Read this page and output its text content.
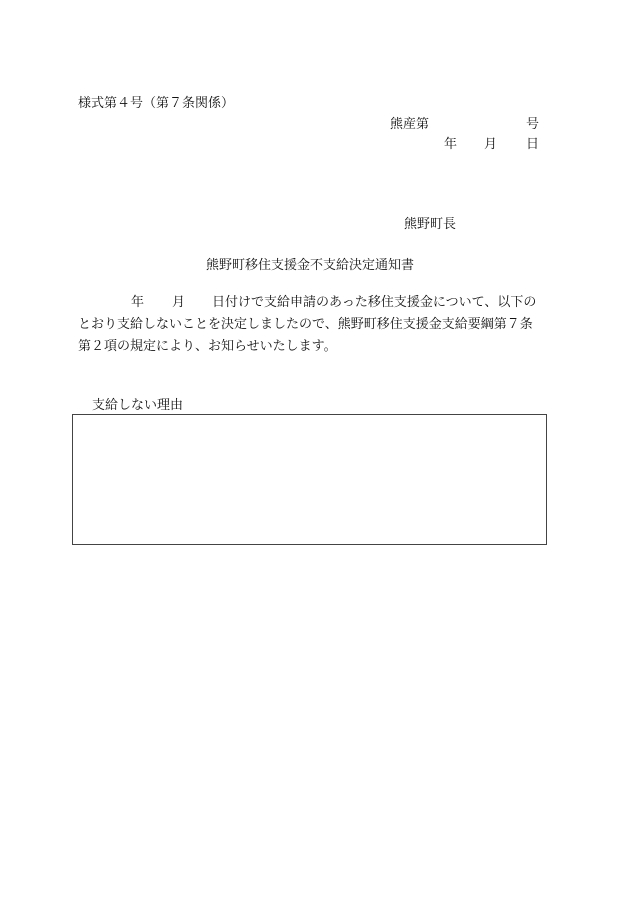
様式第４号（第７条関係）
熊産第	号
年 月 日
熊野町長
熊野町移住支援金不支給決定通知書
年 月 日付けで支給申請のあった移住支援金について、以下の
とおり支給しないことを決定しましたので、熊野町移住支援金支給要綱第７条
第２項の規定により、お知らせいたします。
支給しない理由
